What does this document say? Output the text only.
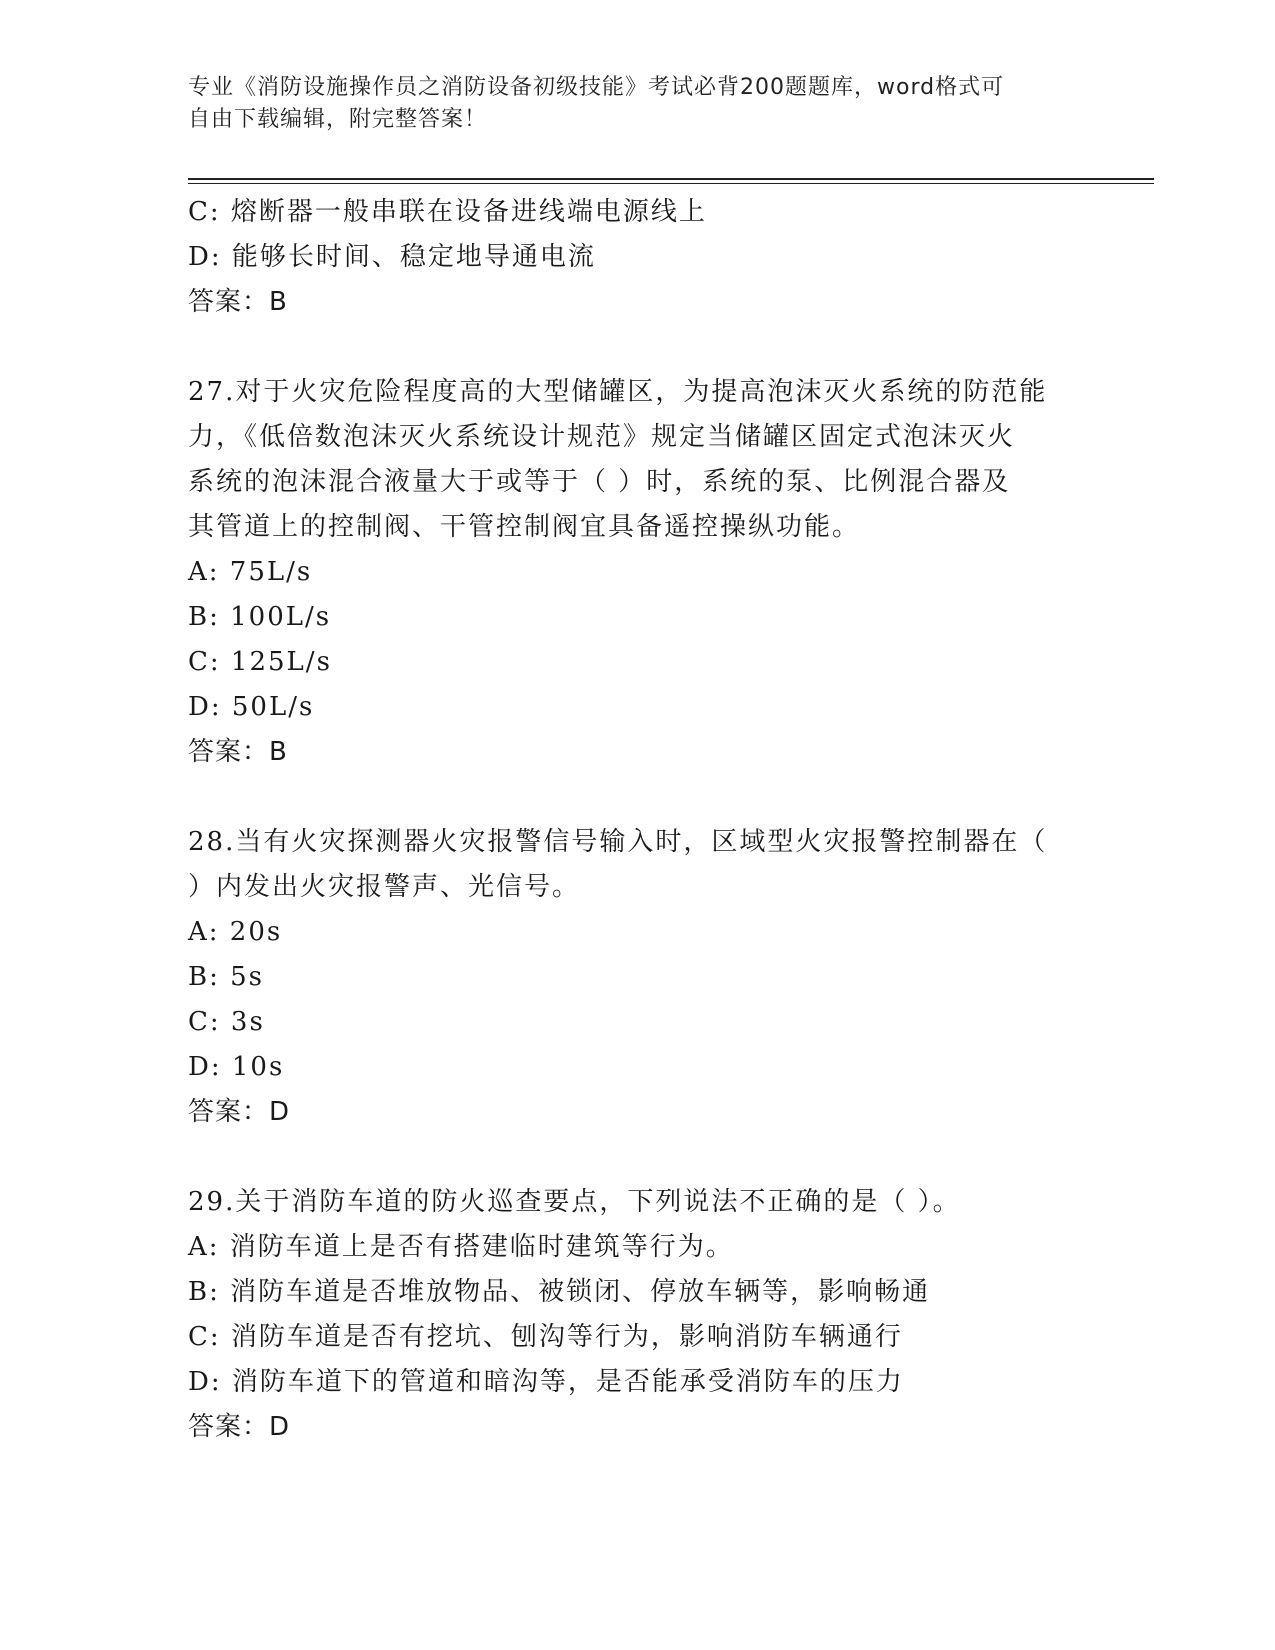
专业《消防设施操作员之消防设备初级技能》考试必背200题题库，word格式可
自由下载编辑，附完整答案！
C: 熔断器一般串联在设备进线端电源线上
D: 能够长时间、稳定地导通电流
答案：B
27.对于火灾危险程度高的大型储罐区，为提高泡沫灭火系统的防范能
力，《低倍数泡沫灭火系统设计规范》规定当储罐区固定式泡沫灭火
系统的泡沫混合液量大于或等于（ ）时，系统的泵、比例混合器及
其管道上的控制阀、干管控制阀宜具备遥控操纵功能。
A: 75L/s
B: 100L/s
C: 125L/s
D: 50L/s
答案：B
28.当有火灾探测器火灾报警信号输入时，区域型火灾报警控制器在（
）内发出火灾报警声、光信号。
A: 20s
B: 5s
C: 3s
D: 10s
答案：D
29.关于消防车道的防火巡查要点，下列说法不正确的是（ ）。
A: 消防车道上是否有搭建临时建筑等行为。
B: 消防车道是否堆放物品、被锁闭、停放车辆等，影响畅通
C: 消防车道是否有挖坑、刨沟等行为，影响消防车辆通行
D: 消防车道下的管道和暗沟等，是否能承受消防车的压力
答案：D
